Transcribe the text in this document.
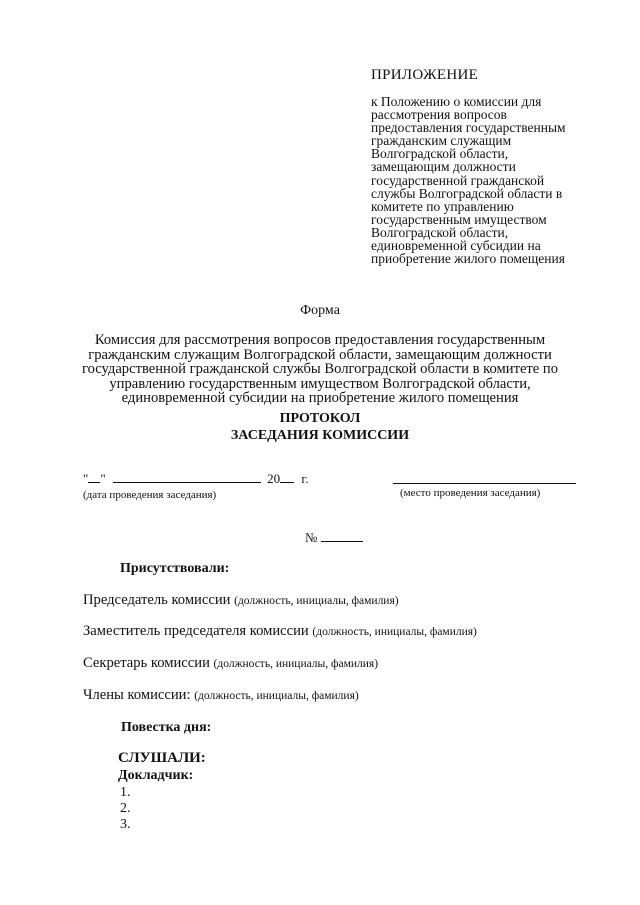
ПРИЛОЖЕНИЕ
к Положению о комиссии для рассмотрения вопросов предоставления государственным гражданским служащим Волгоградской области, замещающим должности государственной гражданской службы Волгоградской области в комитете по управлению государственным имуществом Волгоградской области, единовременной субсидии на приобретение жилого помещения
Форма
Комиссия для рассмотрения вопросов предоставления государственным гражданским служащим Волгоградской области, замещающим должности государственной гражданской службы Волгоградской области в комитете по управлению государственным имуществом Волгоградской области, единовременной субсидии на приобретение жилого помещения
ПРОТОКОЛ
ЗАСЕДАНИЯ КОМИССИИ
" "	20 г.
(дата проведения заседания)	(место проведения заседания)
№
Присутствовали:
Председатель комиссии (должность, инициалы, фамилия)
Заместитель председателя комиссии (должность, инициалы, фамилия)
Секретарь комиссии (должность, инициалы, фамилия)
Члены комиссии: (должность, инициалы, фамилия)
Повестка дня:
СЛУШАЛИ:
Докладчик:
1.
2.
3.
